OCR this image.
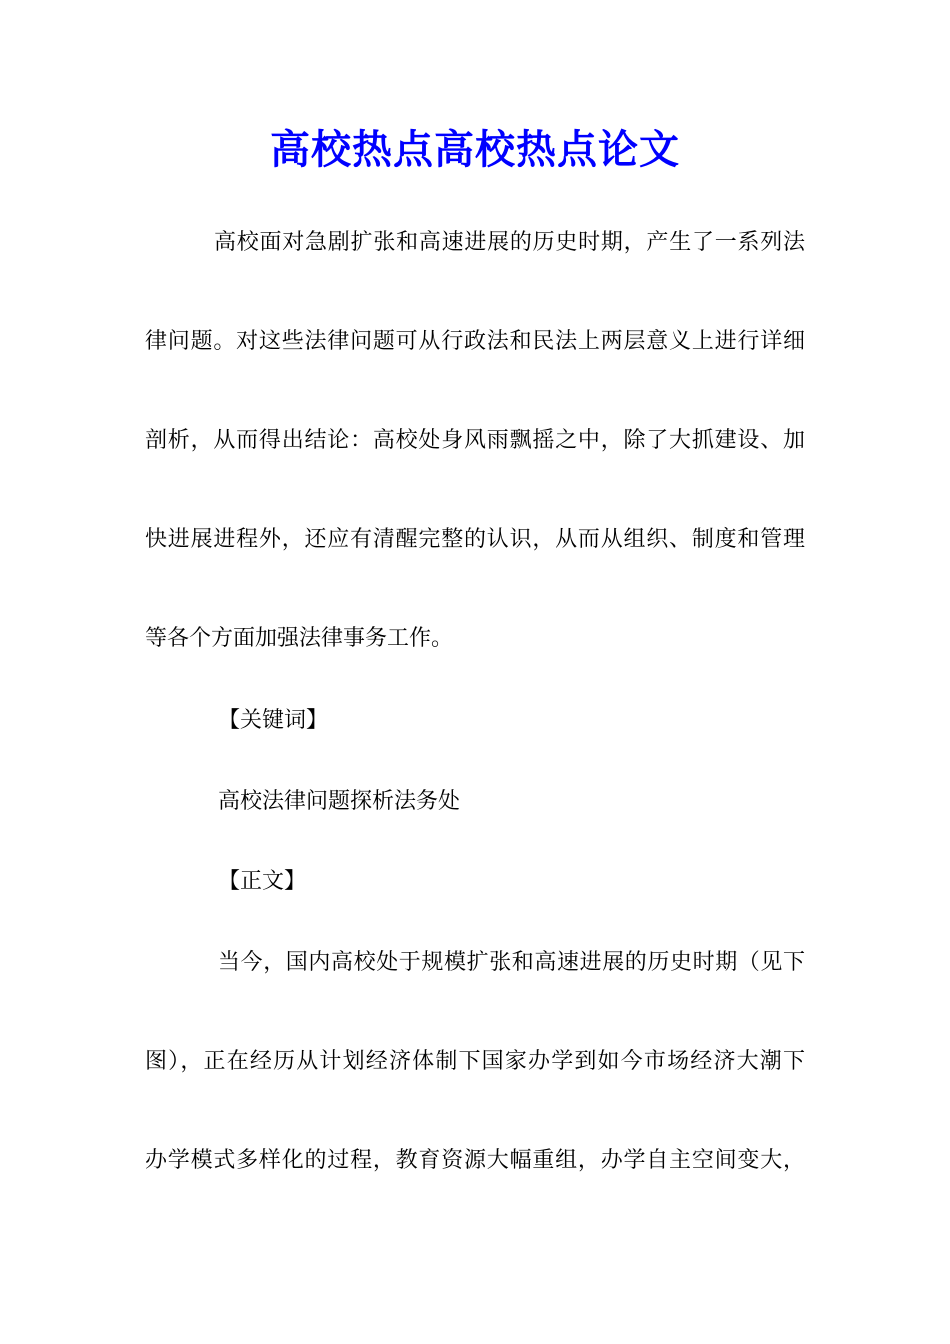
高校热点高校热点论文

高校面对急剧扩张和高速进展的历史时期，产生了一系列法

律问题。对这些法律问题可从行政法和民法上两层意义上进行详细

剖析，从而得出结论：高校处身风雨飘摇之中，除了大抓建设、加

快进展进程外，还应有清醒完整的认识，从而从组织、制度和管理

等各个方面加强法律事务工作。

【关键词】

高校法律问题探析法务处

【正文】

当今，国内高校处于规模扩张和高速进展的历史时期（见下

图），正在经历从计划经济体制下国家办学到如今市场经济大潮下

办学模式多样化的过程，教育资源大幅重组，办学自主空间变大，
